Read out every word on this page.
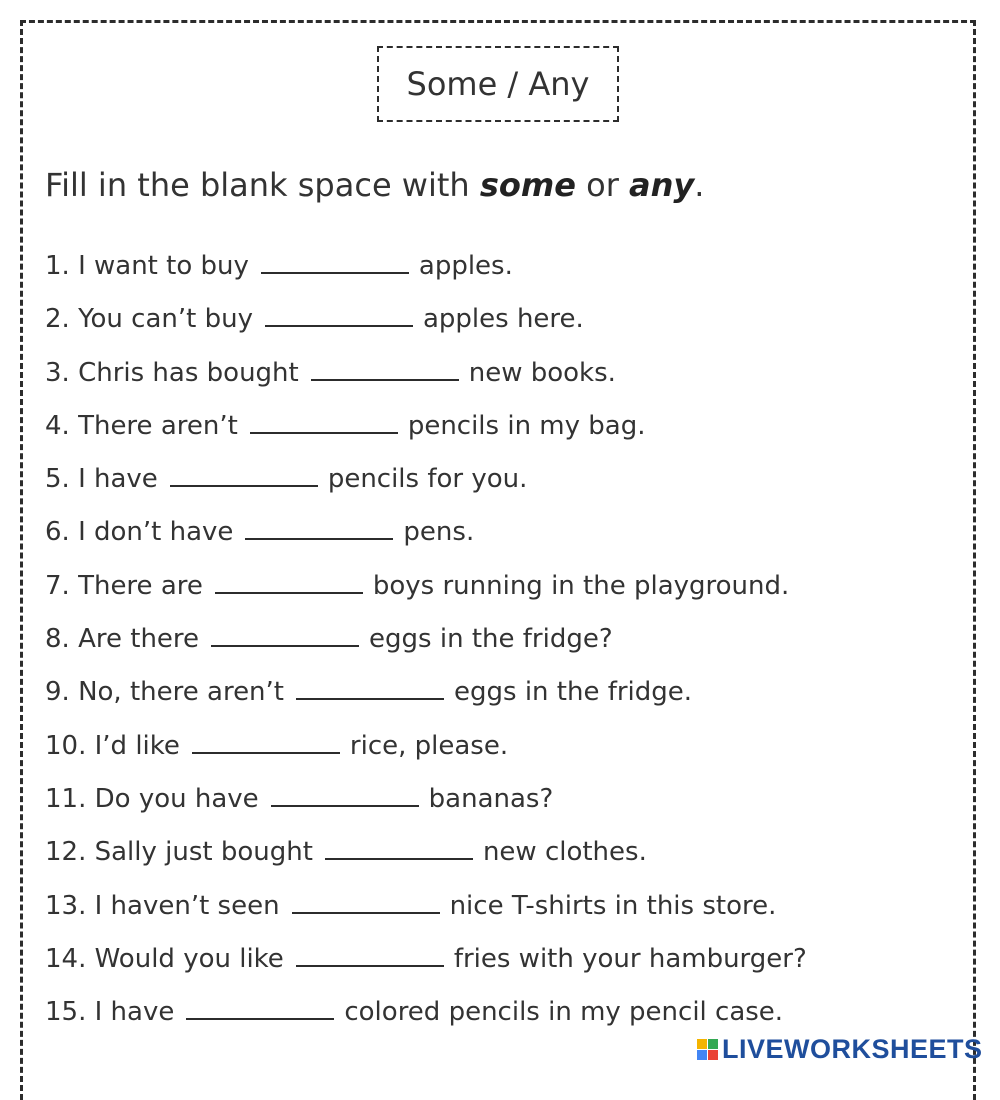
Some / Any
Fill in the blank space with some or any.
1. I want to buy	apples.
2. You can’t buy	apples here.
3. Chris has bought	new books.
4. There aren’t	pencils in my bag.
5. I have	pencils for you.
6. I don’t have	pens.
7. There are	boys running in the playground.
8. Are there	eggs in the fridge?
9. No, there aren’t	eggs in the fridge.
10. I’d like	rice, please.
11. Do you have	bananas?
12. Sally just bought	new clothes.
13. I haven’t seen	nice T-shirts in this store.
14. Would you like	fries with your hamburger?
15. I have	colored pencils in my pencil case.
LIVEWORKSHEETS
